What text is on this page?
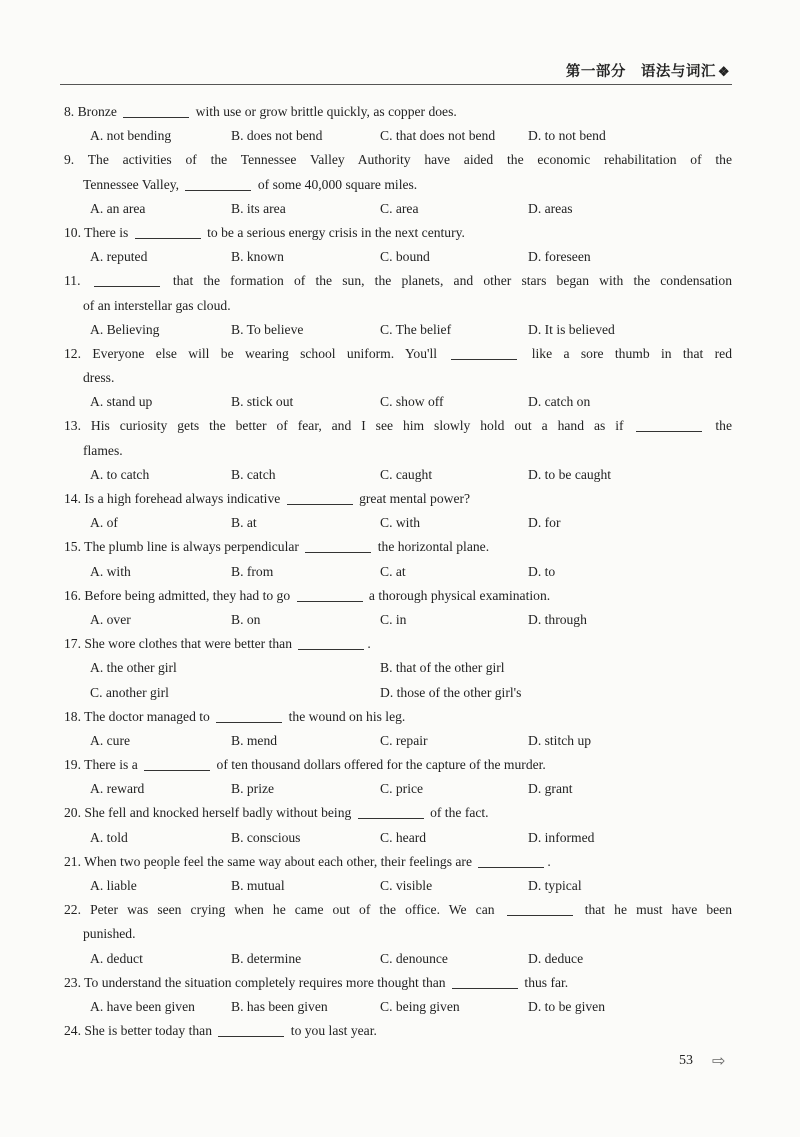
第一部分　语法与词汇 ❖
8. Bronze	with use or grow brittle quickly, as copper does.
A. not bending	B. does not bend	C. that does not bend D. to not bend
9. The activities of the Tennessee Valley Authority have aided the economic rehabilitation of the
Tennessee Valley,	of some 40,000 square miles.
A. an area	B. its area	C. area	D. areas
10. There is	to be a serious energy crisis in the next century.
A. reputed	B. known	C. bound	D. foreseen
11.	that the formation of the sun, the planets, and other stars began with the condensation
of an interstellar gas cloud.
A. Believing	B. To believe	C. The belief	D. It is believed
12. Everyone else will be wearing school uniform. You'll	like a sore thumb in that red
dress.
A. stand up	B. stick out	C. show off	D. catch on
13. His curiosity gets the better of fear, and I see him slowly hold out a hand as if	the
flames.
A. to catch	B. catch	C. caught	D. to be caught
14. Is a high forehead always indicative	great mental power?
A. of	B. at	C. with	D. for
15. The plumb line is always perpendicular	the horizontal plane.
A. with	B. from	C. at	D. to
16. Before being admitted, they had to go	a thorough physical examination.
A. over	B. on	C. in	D. through
17. She wore clothes that were better than	.
A. the other girl	B. that of the other girl
C. another girl	D. those of the other girl's
18. The doctor managed to	the wound on his leg.
A. cure	B. mend	C. repair	D. stitch up
19. There is a	of ten thousand dollars offered for the capture of the murder.
A. reward	B. prize	C. price	D. grant
20. She fell and knocked herself badly without being	of the fact.
A. told	B. conscious	C. heard	D. informed
21. When two people feel the same way about each other, their feelings are	.
A. liable	B. mutual	C. visible	D. typical
22. Peter was seen crying when he came out of the office. We can	that he must have been
punished.
A. deduct	B. determine	C. denounce	D. deduce
23. To understand the situation completely requires more thought than	thus far.
A. have been given	B. has been given	C. being given	D. to be given
24. She is better today than	to you last year.
53 ⇨
